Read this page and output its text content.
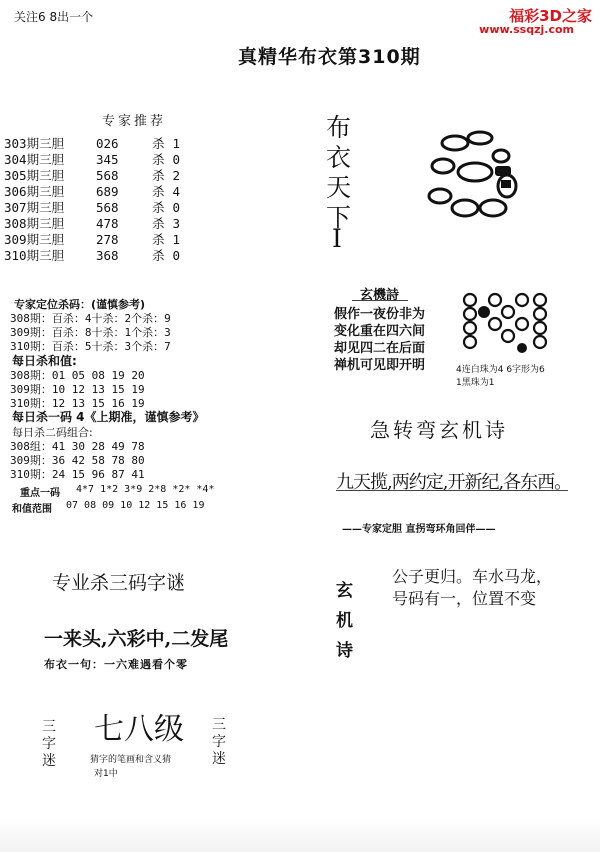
关注6 8出一个	福彩3D之家
www.ssqzj.com
真精华布衣第310期
专家推荐
303期三胆	026	杀 1
304期三胆	345	杀 0
305期三胆	568	杀 2
306期三胆	689	杀 4
307期三胆	568	杀 0
308期三胆	478	杀 3
309期三胆	278	杀 1
310期三胆	368	杀 0
专家定位杀码：(谨慎参考)
308期：百杀：4十杀：2个杀：9
309期：百杀：8十杀：1个杀：3
310期：百杀：5十杀：3个杀：7
每日杀和值:
308期：01 05 08 19 20
309期：10 12 13 15 19
310期：12 13 15 16 19
每日杀一码 4《上期准，谨慎参考》
每日杀二码组合:
308组：41 30 28 49 78
309期：36 42 58 78 80
310期：24 15 96 87 41
重点一码 4*7 1*2 3*9 2*8 *2* *4*
和值范围 07 08 09 10 12 15 16 19
专业杀三码字谜
一来头,六彩中,二发尾
布衣一句：一六难遇看个零
七八级
猜字的笔画和含义猜
对1中
三
字
迷
三
字
迷
布
衣
天
下
I
玄機詩
假作一夜份非为
变化重在四六间
却见四二在后面
禅机可见即开明	4连白珠为4 6字形为6
1黑珠为1
急转弯玄机诗
九天揽,两约定,开新纪,各东西。
——专家定胆 直拐弯环角回伴——
玄
机
诗
公子更归。车水马龙，
号码有一，位置不变
